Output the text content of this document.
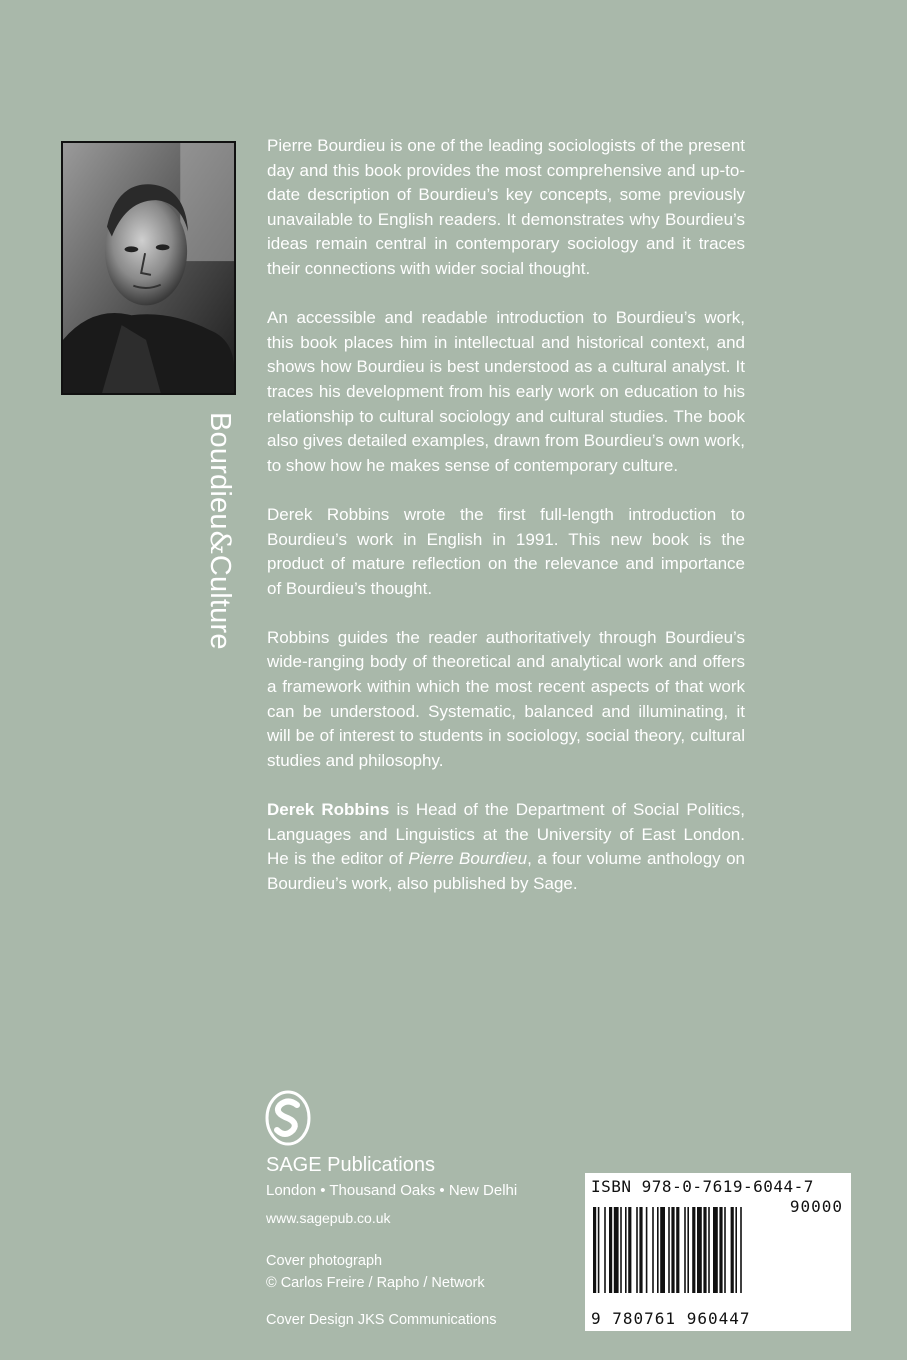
Bourdieu&Culture

Pierre Bourdieu is one of the leading sociologists of the present day and this book provides the most comprehensive and up-to-date description of Bourdieu’s key concepts, some previously unavailable to English readers. It demonstrates why Bourdieu’s ideas remain central in contemporary sociology and it traces their connections with wider social thought.

An accessible and readable introduction to Bourdieu’s work, this book places him in intellectual and historical context, and shows how Bourdieu is best understood as a cultural analyst. It traces his development from his early work on education to his relationship to cultural sociology and cultural studies. The book also gives detailed examples, drawn from Bourdieu’s own work, to show how he makes sense of contemporary culture.

Derek Robbins wrote the first full-length introduction to Bourdieu’s work in English in 1991. This new book is the product of mature reflection on the relevance and importance of Bourdieu’s thought.

Robbins guides the reader authoritatively through Bourdieu’s wide-ranging body of theoretical and analytical work and offers a framework within which the most recent aspects of that work can be understood. Systematic, balanced and illuminating, it will be of interest to students in sociology, social theory, cultural studies and philosophy.

Derek Robbins is Head of the Department of Social Politics, Languages and Linguistics at the University of East London. He is the editor of Pierre Bourdieu, a four volume anthology on Bourdieu’s work, also published by Sage.

SAGE Publications
London • Thousand Oaks • New Delhi
www.sagepub.co.uk
Cover photograph
© Carlos Freire / Rapho / Network
Cover Design JKS Communications
ISBN 978-0-7619-6044-7
90000
9 780761 960447
